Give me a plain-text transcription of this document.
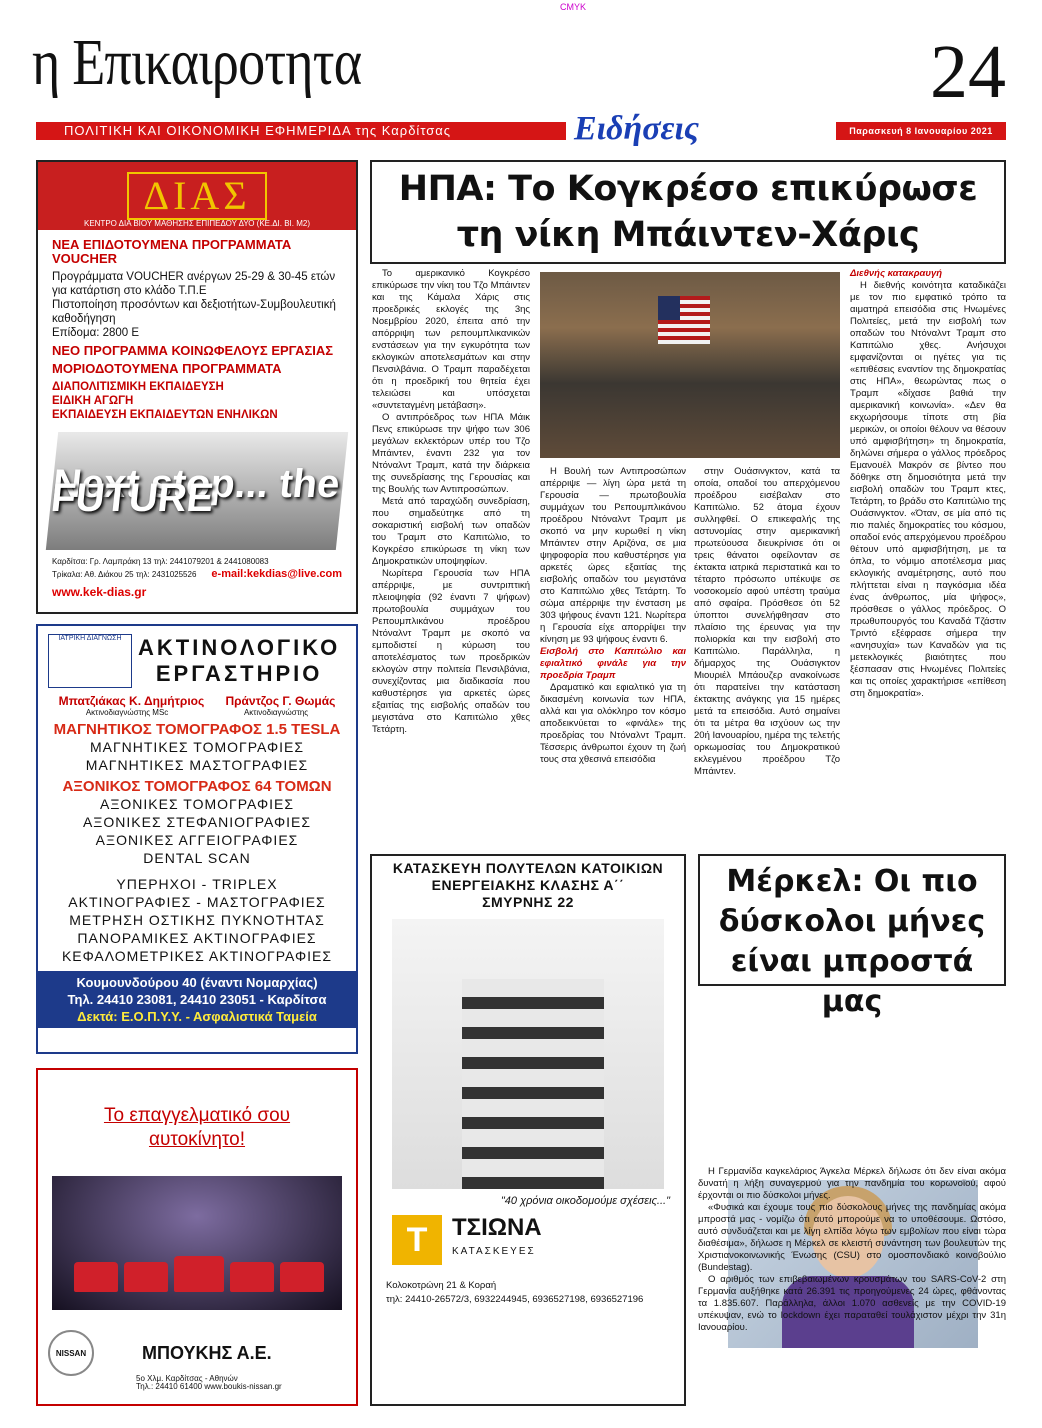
CMYK
η Επικαιροτητα	24
ΠΟΛΙΤΙΚΗ ΚΑΙ ΟΙΚΟΝΟΜΙΚΗ ΕΦΗΜΕΡΙΔΑ της Καρδίτσας	Ειδήσεις	Παρασκευή 8 Ιανουαρίου 2021
ΔΙΑΣ
ΚΕΝΤΡΟ ΔΙΑ ΒΙΟΥ ΜΑΘΗΣΗΣ ΕΠΙΠΕΔΟΥ ΔΥΟ (ΚΕ.ΔΙ. ΒΙ. Μ2)
ΝΕΑ ΕΠΙΔΟΤΟΥΜΕΝΑ ΠΡΟΓΡΑΜΜΑΤΑ VOUCHER
Προγράμματα VOUCHER ανέργων 25-29 & 30-45 ετών
για κατάρτιση στο κλάδο Τ.Π.Ε
Πιστοποίηση προσόντων και δεξιοτήτων-Συμβουλευτική
καθοδήγηση
Επίδομα: 2800 Ε
ΝΕΟ ΠΡΟΓΡΑΜΜΑ ΚΟΙΝΩΦΕΛΟΥΣ ΕΡΓΑΣΙΑΣ
ΜΟΡΙΟΔΟΤΟΥΜΕΝΑ ΠΡΟΓΡΑΜΜΑΤΑ
ΔΙΑΠΟΛΙΤΙΣΜΙΚΗ ΕΚΠΑΙΔΕΥΣΗ
ΕΙΔΙΚΗ ΑΓΩΓΗ
ΕΚΠΑΙΔΕΥΣΗ ΕΚΠΑΙΔΕΥΤΩΝ ΕΝΗΛΙΚΩΝ
Next stop... the FUTURE
Καρδίτσα: Γρ. Λαμπράκη 13 τηλ: 2441079201 & 2441080083
Τρίκαλα: Αθ. Διάκου 25 τηλ: 2431025526 e-mail:kekdias@live.com
www.kek-dias.gr
ΙΑΤΡΙΚΗ ΔΙΑΓΝΩΣΗ ΑΚΤΙΝΟΛΟΓΙΚΟ
ΕΡΓΑΣΤΗΡΙΟ
Μπατζιάκας Κ. Δημήτριος Πράντζος Γ. Θωμάς
Ακτινοδιαγνώστης MSc	Ακτινοδιαγνώστης
ΜΑΓΝΗΤΙΚΟΣ ΤΟΜΟΓΡΑΦΟΣ 1.5 TESLA
ΜΑΓΝΗΤΙΚΕΣ ΤΟΜΟΓΡΑΦΙΕΣ
ΜΑΓΝΗΤΙΚΕΣ ΜΑΣΤΟΓΡΑΦΙΕΣ
ΑΞΟΝΙΚΟΣ ΤΟΜΟΓΡΑΦΟΣ 64 ΤΟΜΩΝ
ΑΞΟΝΙΚΕΣ ΤΟΜΟΓΡΑΦΙΕΣ
ΑΞΟΝΙΚΕΣ ΣΤΕΦΑΝΙΟΓΡΑΦΙΕΣ
ΑΞΟΝΙΚΕΣ ΑΓΓΕΙΟΓΡΑΦΙΕΣ
DENTAL SCAN
ΥΠΕΡΗΧΟΙ - TRIPLEX
ΑΚΤΙΝΟΓΡΑΦΙΕΣ - ΜΑΣΤΟΓΡΑΦΙΕΣ
ΜΕΤΡΗΣΗ ΟΣΤΙΚΗΣ ΠΥΚΝΟΤΗΤΑΣ
ΠΑΝΟΡΑΜΙΚΕΣ ΑΚΤΙΝΟΓΡΑΦΙΕΣ
ΚΕΦΑΛΟΜΕΤΡΙΚΕΣ ΑΚΤΙΝΟΓΡΑΦΙΕΣ
Κουμουνδούρου 40 (έναντι Νομαρχίας)
Τηλ. 24410 23081, 24410 23051 - Καρδίτσα
Δεκτά: Ε.Ο.Π.Υ.Υ. - Ασφαλιστικά Ταμεία
Το επαγγελματικό σου
αυτοκίνητο!
NISSAN	ΜΠΟΥΚΗΣ Α.Ε.
5ο Χλμ. Καρδίτσας - Αθηνών
Τηλ.: 24410 61400 www.boukis-nissan.gr
ΗΠΑ: Το Κογκρέσο επικύρωσε
τη νίκη Μπάιντεν-Χάρις

Το αμερικανικό Κογκρέσο επικύρωσε την νίκη του Τζο Μπάιντεν και της Κάμαλα Χάρις στις προεδρικές εκλογές της 3ης Νοεμβρίου 2020, έπειτα από την απόρριψη των ρεπουμπλικανικών ενστάσεων για την εγκυρότητα των εκλογικών αποτελεσμάτων και στην Πενσιλβάνια. Ο Τραμπ παραδέχεται ότι η προεδρική του θητεία έχει τελειώσει και υπόσχεται «συντεταγμένη μετάβαση».

Ο αντιπρόεδρος των ΗΠΑ Μάικ Πενς επικύρωσε την ψήφο των 306 μεγάλων εκλεκτόρων υπέρ του Τζο Μπάιντεν, έναντι 232 για τον Ντόναλντ Τραμπ, κατά την διάρκεια της συνεδρίασης της Γερουσίας και της Βουλής των Αντιπροσώπων.

Μετά από ταραχώδη συνεδρίαση, που σημαδεύτηκε από τη σοκαριστική εισβολή των οπαδών του Τραμπ στο Καπιτώλιο, το Κογκρέσο επικύρωσε τη νίκη των Δημοκρατικών υποψηφίων.

Νωρίτερα Γερουσία των ΗΠΑ απέρριψε, με συντριπτική πλειοψηφία (92 έναντι 7 ψήφων) πρωτοβουλία συμμάχων του Ρεπουμπλικάνου προέδρου Ντόναλντ Τραμπ με σκοπό να εμποδιστεί η κύρωση του αποτελέσματος των προεδρικών εκλογών στην πολιτεία Πενσιλβάνια, συνεχίζοντας μια διαδικασία που καθυστέρησε για αρκετές ώρες εξαιτίας της εισβολής οπαδών του μεγιστάνα στο Καπιτώλιο χθες Τετάρτη.

Η Βουλή των Αντιπροσώπων απέρριψε — λίγη ώρα μετά τη Γερουσία — πρωτοβουλία συμμάχων του Ρεπουμπλικάνου προέδρου Ντόναλντ Τραμπ με σκοπό να μην κυρωθεί η νίκη Μπάιντεν στην Αριζόνα, σε μια ψηφοφορία που καθυστέρησε για αρκετές ώρες εξαιτίας της εισβολής οπαδών του μεγιστάνα στο Καπιτώλιο χθες Τετάρτη. Το σώμα απέρριψε την ένσταση με 303 ψήφους έναντι 121. Νωρίτερα η Γερουσία είχε απορρίψει την κίνηση με 93 ψήφους έναντι 6.

Εισβολή στο Καπιτώλιο και εφιαλτικό φινάλε για την προεδρία Τραμπ

Δραματικό και εφιαλτικό για τη δικασμένη κοινωνία των ΗΠΑ, αλλά και για ολόκληρο τον κόσμο αποδεικνύεται το «φινάλε» της προεδρίας του Ντόναλντ Τραμπ. Τέσσερις άνθρωποι έχουν τη ζωή τους στα χθεσινά επεισόδια

στην Ουάσινγκτον, κατά τα οποία, οπαδοί του απερχόμενου προέδρου εισέβαλαν στο Καπιτώλιο. 52 άτομα έχουν συλληφθεί. Ο επικεφαλής της αστυνομίας στην αμερικανική πρωτεύουσα διευκρίνισε ότι οι τρεις θάνατοι οφείλονταν σε έκτακτα ιατρικά περιστατικά και το τέταρτο πρόσωπο υπέκυψε σε νοσοκομείο αφού υπέστη τραύμα από σφαίρα. Πρόσθεσε ότι 52 ύποπτοι συνελήφθησαν στο πλαίσιο της έρευνας για την πολιορκία και την εισβολή στο Καπιτώλιο. Παράλληλα, η δήμαρχος της Ουάσιγκτον Μιουριέλ Μπάουζερ ανακοίνωσε ότι παρατείνει την κατάσταση έκτακτης ανάγκης για 15 ημέρες μετά τα επεισόδια. Αυτό σημαίνει ότι τα μέτρα θα ισχύουν ως την 20ή Ιανουαρίου, ημέρα της τελετής ορκωμοσίας του Δημοκρατικού εκλεγμένου προέδρου Τζο Μπάιντεν.

Διεθνής κατακραυγή

Η διεθνής κοινότητα καταδικάζει με τον πιο εμφατικό τρόπο τα αιματηρά επεισόδια στις Ηνωμένες Πολιτείες, μετά την εισβολή των οπαδών του Ντόναλντ Τραμπ στο Καπιτώλιο χθες. Ανήσυχοι εμφανίζονται οι ηγέτες για τις «επιθέσεις εναντίον της δημοκρατίας στις ΗΠΑ», θεωρώντας πως ο Τραμπ «δίχασε βαθιά την αμερικανική κοινωνία». «Δεν θα εκχωρήσουμε τίποτε στη βία μερικών, οι οποίοι θέλουν να θέσουν υπό αμφισβήτηση» τη δημοκρατία, δηλώνει σήμερα ο γάλλος πρόεδρος Εμανουέλ Μακρόν σε βίντεο που δόθηκε στη δημοσιότητα μετά την εισβολή οπαδών του Τραμπ κτες, Τετάρτη, το βράδυ στο Καπιτώλιο της Ουάσινγκτον. «Όταν, σε μία από τις πιο παλιές δημοκρατίες του κόσμου, οπαδοί ενός απερχόμενου προέδρου θέτουν υπό αμφισβήτηση, με τα όπλα, το νόμιμο αποτέλεσμα μιας εκλογικής αναμέτρησης, αυτό που πλήττεται είναι η παγκόσμια ιδέα ένας άνθρωπος, μία ψήφος», πρόσθεσε ο γάλλος πρόεδρος. Ο πρωθυπουργός του Καναδά Τζάστιν Τριντό εξέφρασε σήμερα την «ανησυχία» των Καναδών για τις μετεκλογικές βιαιότητες που ξέσπασαν στις Ηνωμένες Πολιτείες και τις οποίες χαρακτήρισε «επίθεση στη δημοκρατία».

ΚΑΤΑΣΚΕΥΗ ΠΟΛΥΤΕΛΩΝ ΚΑΤΟΙΚΙΩΝ
ΕΝΕΡΓΕΙΑΚΗΣ ΚΛΑΣΗΣ Α΄΄
ΣΜΥΡΝΗΣ 22
"40 χρόνια οικοδομούμε σχέσεις..."
T	ΤΣΙΩΝΑ
ΚΑΤΑΣΚΕΥΕΣ
Κολοκοτρώνη 21 & Κοραή
τηλ: 24410-26572/3, 6932244945, 6936527198, 6936527196
Μέρκελ: Οι πιο
δύσκολοι μήνες
είναι μπροστά μας

Η Γερμανίδα καγκελάριος Άγκελα Μέρκελ δήλωσε ότι δεν είναι ακόμα δυνατή η λήξη συναγερμού για την πανδημία του κορωνοϊού, αφού έρχονται οι πιο δύσκολοι μήνες.

«Φυσικά και έχουμε τους πιο δύσκολους μήνες της πανδημίας ακόμα μπροστά μας - νομίζω ότι αυτό μπορούμε να το υποθέσουμε. Ωστόσο, αυτό συνδυάζεται και με λίγη ελπίδα λόγω των εμβολίων που είναι τώρα διαθέσιμα», δήλωσε η Μέρκελ σε κλειστή συνάντηση των βουλευτών της Χριστιανοκοινωνικής Ένωσης (CSU) στο ομοσπονδιακό κοινοβούλιο (Bundestag).

Ο αριθμός των επιβεβαιωμένων κρουσμάτων του SARS-CoV-2 στη Γερμανία αυξήθηκε κατά 26.391 τις προηγούμενες 24 ώρες, φθάνοντας τα 1.835.607. Παράλληλα, άλλοι 1.070 ασθενείς με την COVID-19 υπέκυψαν, ενώ το lockdown έχει παραταθεί τουλάχιστον μέχρι την 31η Ιανουαρίου.
